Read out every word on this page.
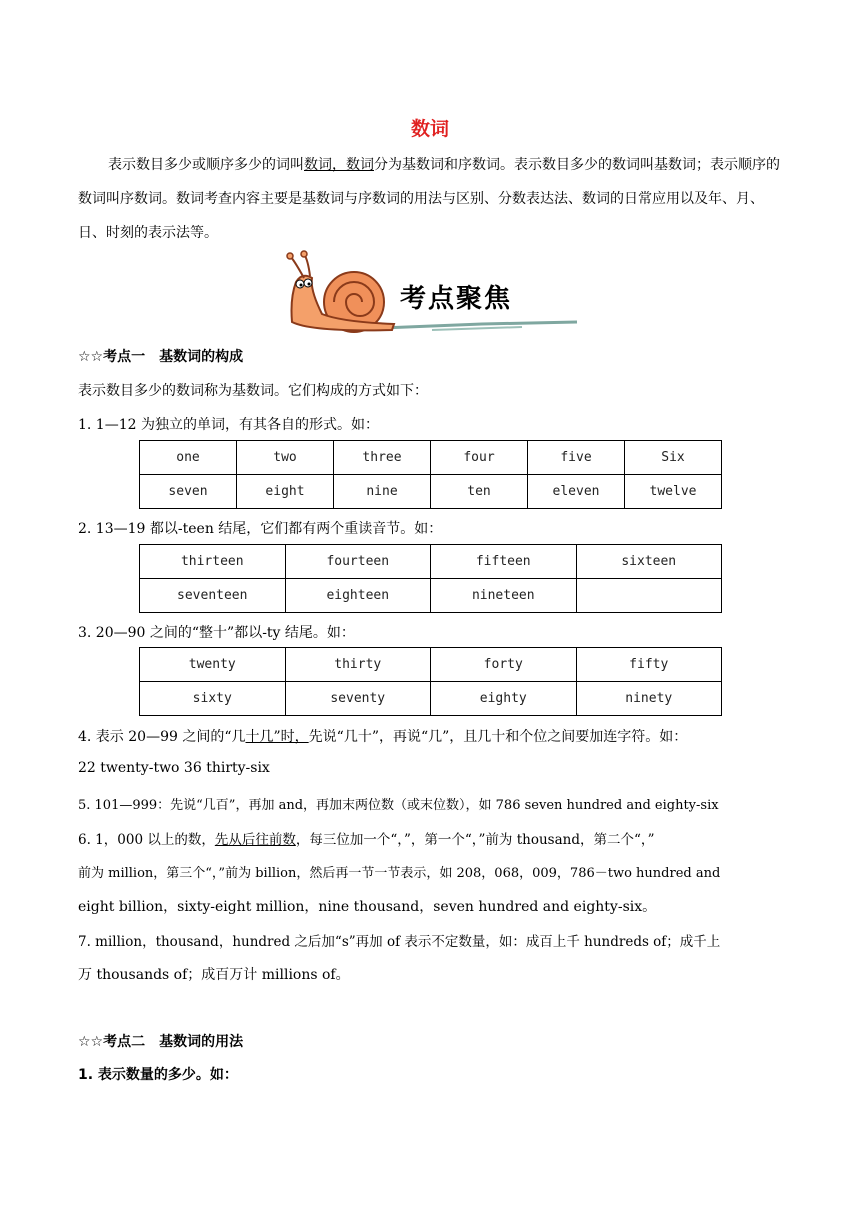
数词
表示数目多少或顺序多少的词叫数词，数词分为基数词和序数词。表示数目多少的数词叫基数词；表示顺序的数词叫序数词。数词考查内容主要是基数词与序数词的用法与区别、分数表达法、数词的日常应用以及年、月、日、时刻的表示法等。
考点聚焦
☆☆考点一　基数词的构成
表示数目多少的数词称为基数词。它们构成的方式如下：
1. 1—12 为独立的单词，有其各自的形式。如：
one	two	three	four	five	Six
seven	eight	nine	ten	eleven	twelve
2. 13—19 都以-teen 结尾，它们都有两个重读音节。如：
thirteen	fourteen	fifteen	sixteen
seventeen	eighteen	nineteen	
3. 20—90 之间的“整十”都以-ty 结尾。如：
twenty	thirty	forty	fifty
sixty	seventy	eighty	ninety
4. 表示 20—99 之间的“几十几”时，先说“几十”，再说“几”，且几十和个位之间要加连字符。如：
22 twenty-two 36 thirty-six
5. 101—999：先说“几百”，再加 and，再加末两位数（或末位数），如 786 seven hundred and eighty-six
6. 1，000 以上的数，先从后往前数，每三位加一个“，”，第一个“，”前为 thousand，第二个“，”
前为 million，第三个“，”前为 billion，然后再一节一节表示，如 208，068，009，786－two hundred and
eight billion，sixty-eight million，nine thousand，seven hundred and eighty-six。
7. million，thousand，hundred 之后加“s”再加 of 表示不定数量，如：成百上千 hundreds of；成千上
万 thousands of；成百万计 millions of。
☆☆考点二　基数词的用法
1. 表示数量的多少。如：
